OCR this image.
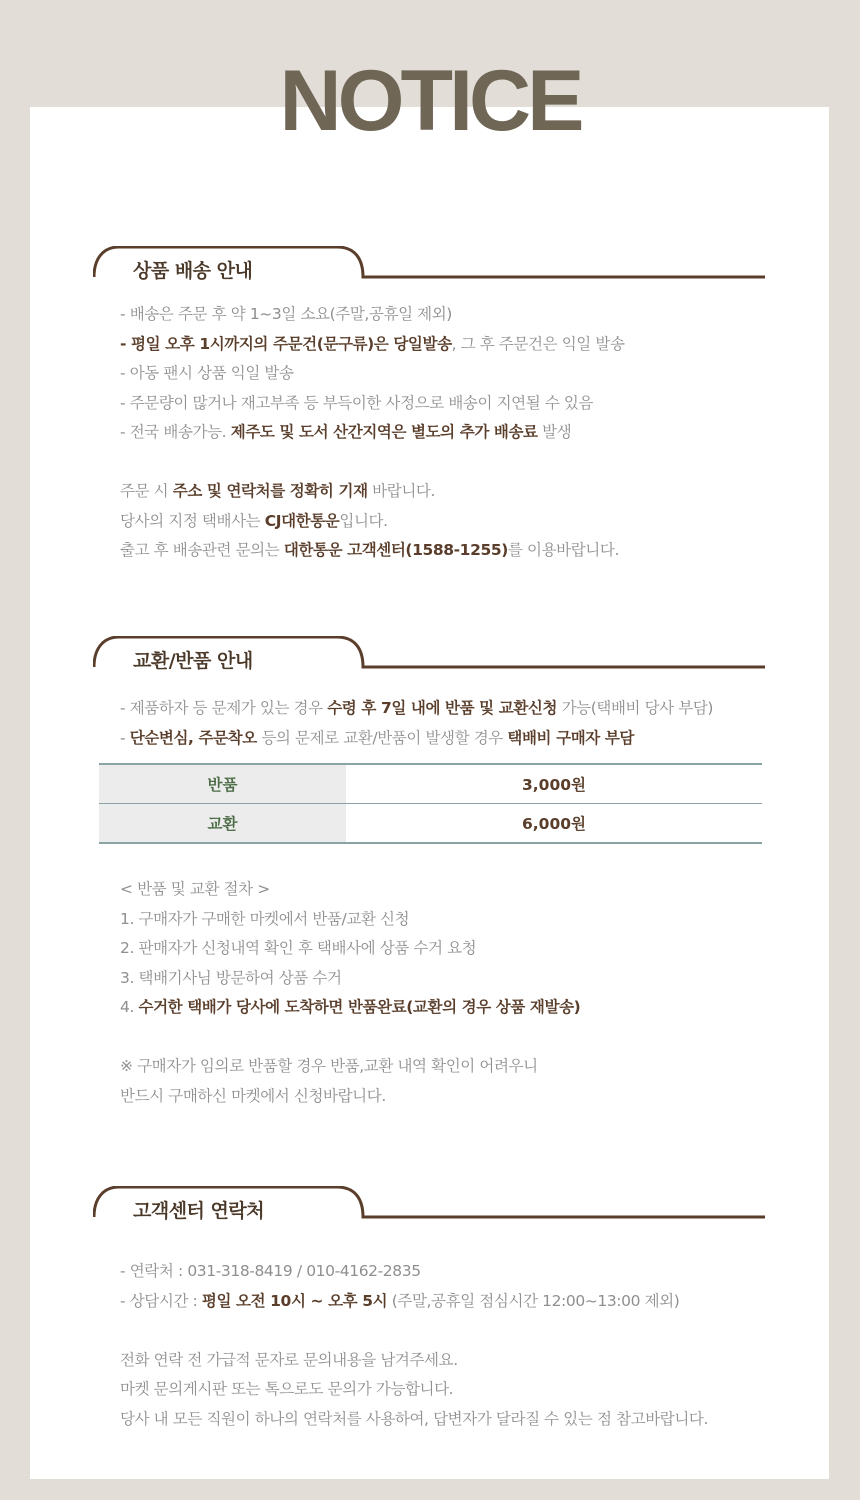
NOTICE
상품 배송 안내
- 배송은 주문 후 약 1~3일 소요(주말,공휴일 제외)
- 평일 오후 1시까지의 주문건(문구류)은 당일발송, 그 후 주문건은 익일 발송
- 아동 팬시 상품 익일 발송
- 주문량이 많거나 재고부족 등 부득이한 사정으로 배송이 지연될 수 있음
- 전국 배송가능. 제주도 및 도서 산간지역은 별도의 추가 배송료 발생

주문 시 주소 및 연락처를 정확히 기재 바랍니다.
당사의 지정 택배사는 CJ대한통운입니다.
출고 후 배송관련 문의는 대한통운 고객센터(1588-1255)를 이용바랍니다.
교환/반품 안내
- 제품하자 등 문제가 있는 경우 수령 후 7일 내에 반품 및 교환신청 가능(택배비 당사 부담)
- 단순변심, 주문착오 등의 문제로 교환/반품이 발생할 경우 택배비 구매자 부담
반품	3,000원
교환	6,000원
< 반품 및 교환 절차 >
1. 구매자가 구매한 마켓에서 반품/교환 신청
2. 판매자가 신청내역 확인 후 택배사에 상품 수거 요청
3. 택배기사님 방문하여 상품 수거
4. 수거한 택배가 당사에 도착하면 반품완료(교환의 경우 상품 재발송)

※ 구매자가 임의로 반품할 경우 반품,교환 내역 확인이 어려우니
반드시 구매하신 마켓에서 신청바랍니다.
고객센터 연락처
- 연락처 : 031-318-8419 / 010-4162-2835
- 상담시간 : 평일 오전 10시 ~ 오후 5시 (주말,공휴일 점심시간 12:00~13:00 제외)

전화 연락 전 가급적 문자로 문의내용을 남겨주세요.
마켓 문의게시판 또는 톡으로도 문의가 가능합니다.
당사 내 모든 직원이 하나의 연락처를 사용하여, 답변자가 달라질 수 있는 점 참고바랍니다.
